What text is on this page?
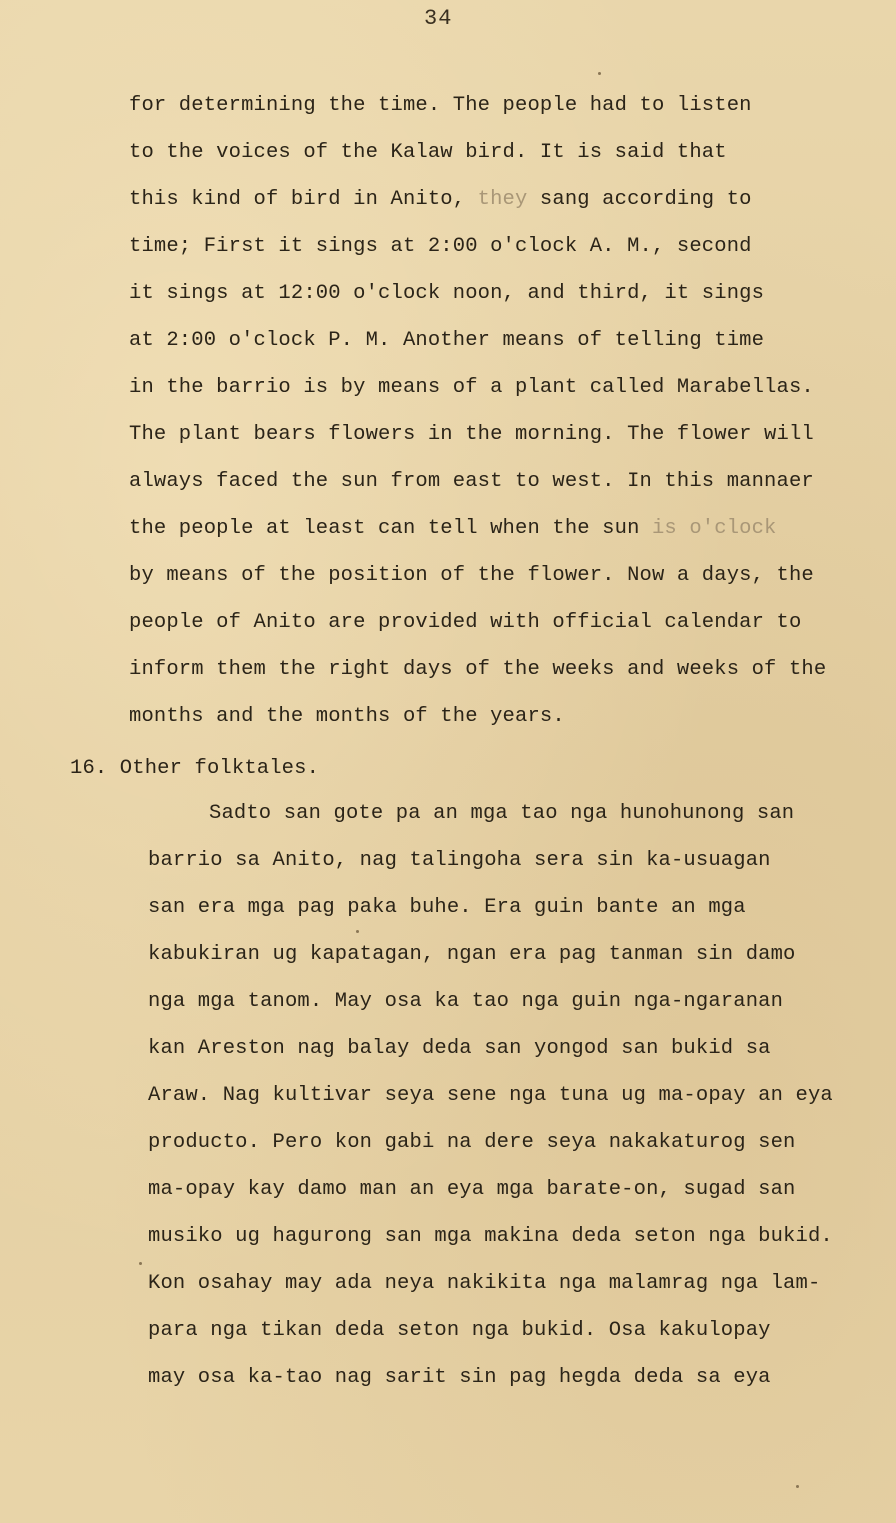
34
for determining the time. The people had to listen
to the voices of the Kalaw bird. It is said that
this kind of bird in Anito, they sang according to
time; First it sings at 2:00 o'clock A. M., second
it sings at 12:00 o'clock noon, and third, it sings
at 2:00 o'clock P. M. Another means of telling time
in the barrio is by means of a plant called Marabellas.
The plant bears flowers in the morning. The flower will
always faced the sun from east to west. In this mannaer
the people at least can tell when the sun is o'clock
by means of the position of the flower. Now a days, the
people of Anito are provided with official calendar to
inform them the right days of the weeks and weeks of the
months and the months of the years.
16. Other folktales.
Sadto san gote pa an mga tao nga hunohunong san
barrio sa Anito, nag talingoha sera sin ka-usuagan
san era mga pag paka buhe. Era guin bante an mga
kabukiran ug kapatagan, ngan era pag tanman sin damo
nga mga tanom. May osa ka tao nga guin nga-ngaranan
kan Areston nag balay deda san yongod san bukid sa
Araw. Nag kultivar seya sene nga tuna ug ma-opay an eya
producto. Pero kon gabi na dere seya nakakaturog sen
ma-opay kay damo man an eya mga barate-on, sugad san
musiko ug hagurong san mga makina deda seton nga bukid.
Kon osahay may ada neya nakikita nga malamrag nga lam-
para nga tikan deda seton nga bukid. Osa kakulopay
may osa ka-tao nag sarit sin pag hegda deda sa eya
